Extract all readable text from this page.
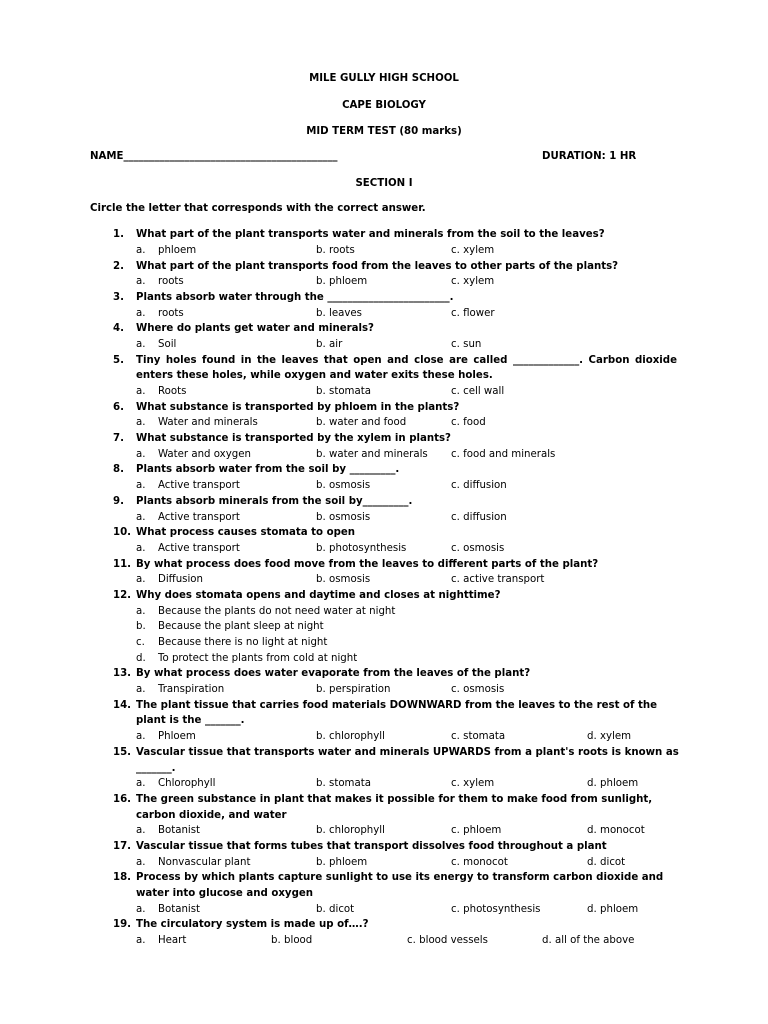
MILE GULLY HIGH SCHOOL
CAPE BIOLOGY
MID TERM TEST (80 marks)
NAME__________________________________________	DURATION: 1 HR
SECTION I
Circle the letter that corresponds with the correct answer.
1. What part of the plant transports water and minerals from the soil to the leaves?
a. phloem	b. roots	c. xylem
2. What part of the plant transports food from the leaves to other parts of the plants?
a. roots	b. phloem	c. xylem
3. Plants absorb water through the ________________________.
a. roots	b. leaves	c. flower
4. Where do plants get water and minerals?
a. Soil	b. air	c. sun
5. Tiny holes found in the leaves that open and close are called _____________. Carbon dioxide
enters these holes, while oxygen and water exits these holes.
a. Roots	b. stomata	c. cell wall
6. What substance is transported by phloem in the plants?
a. Water and minerals	b. water and food	c. food
7. What substance is transported by the xylem in plants?
a. Water and oxygen	b. water and minerals c. food and minerals
8. Plants absorb water from the soil by _________.
a. Active transport	b. osmosis	c. diffusion
9. Plants absorb minerals from the soil by_________.
a. Active transport	b. osmosis	c. diffusion
10. What process causes stomata to open
a. Active transport	b. photosynthesis	c. osmosis
11. By what process does food move from the leaves to different parts of the plant?
a. Diffusion	b. osmosis	c. active transport
12. Why does stomata opens and daytime and closes at nighttime?
a. Because the plants do not need water at night
b. Because the plant sleep at night
c. Because there is no light at night
d. To protect the plants from cold at night
13. By what process does water evaporate from the leaves of the plant?
a. Transpiration	b. perspiration	c. osmosis
14. The plant tissue that carries food materials DOWNWARD from the leaves to the rest of the
plant is the _______.
a. Phloem	b. chlorophyll	c. stomata	d. xylem
15. Vascular tissue that transports water and minerals UPWARDS from a plant's roots is known as
_______.
a. Chlorophyll	b. stomata	c. xylem	d. phloem
16. The green substance in plant that makes it possible for them to make food from sunlight,
carbon dioxide, and water
a. Botanist	b. chlorophyll	c. phloem	d. monocot
17. Vascular tissue that forms tubes that transport dissolves food throughout a plant
a. Nonvascular plant	b. phloem	c. monocot	d. dicot
18. Process by which plants capture sunlight to use its energy to transform carbon dioxide and
water into glucose and oxygen
a. Botanist	b. dicot	c. photosynthesis	d. phloem
19. The circulatory system is made up of….?
a. Heart	b. blood	c. blood vessels	d. all of the above
